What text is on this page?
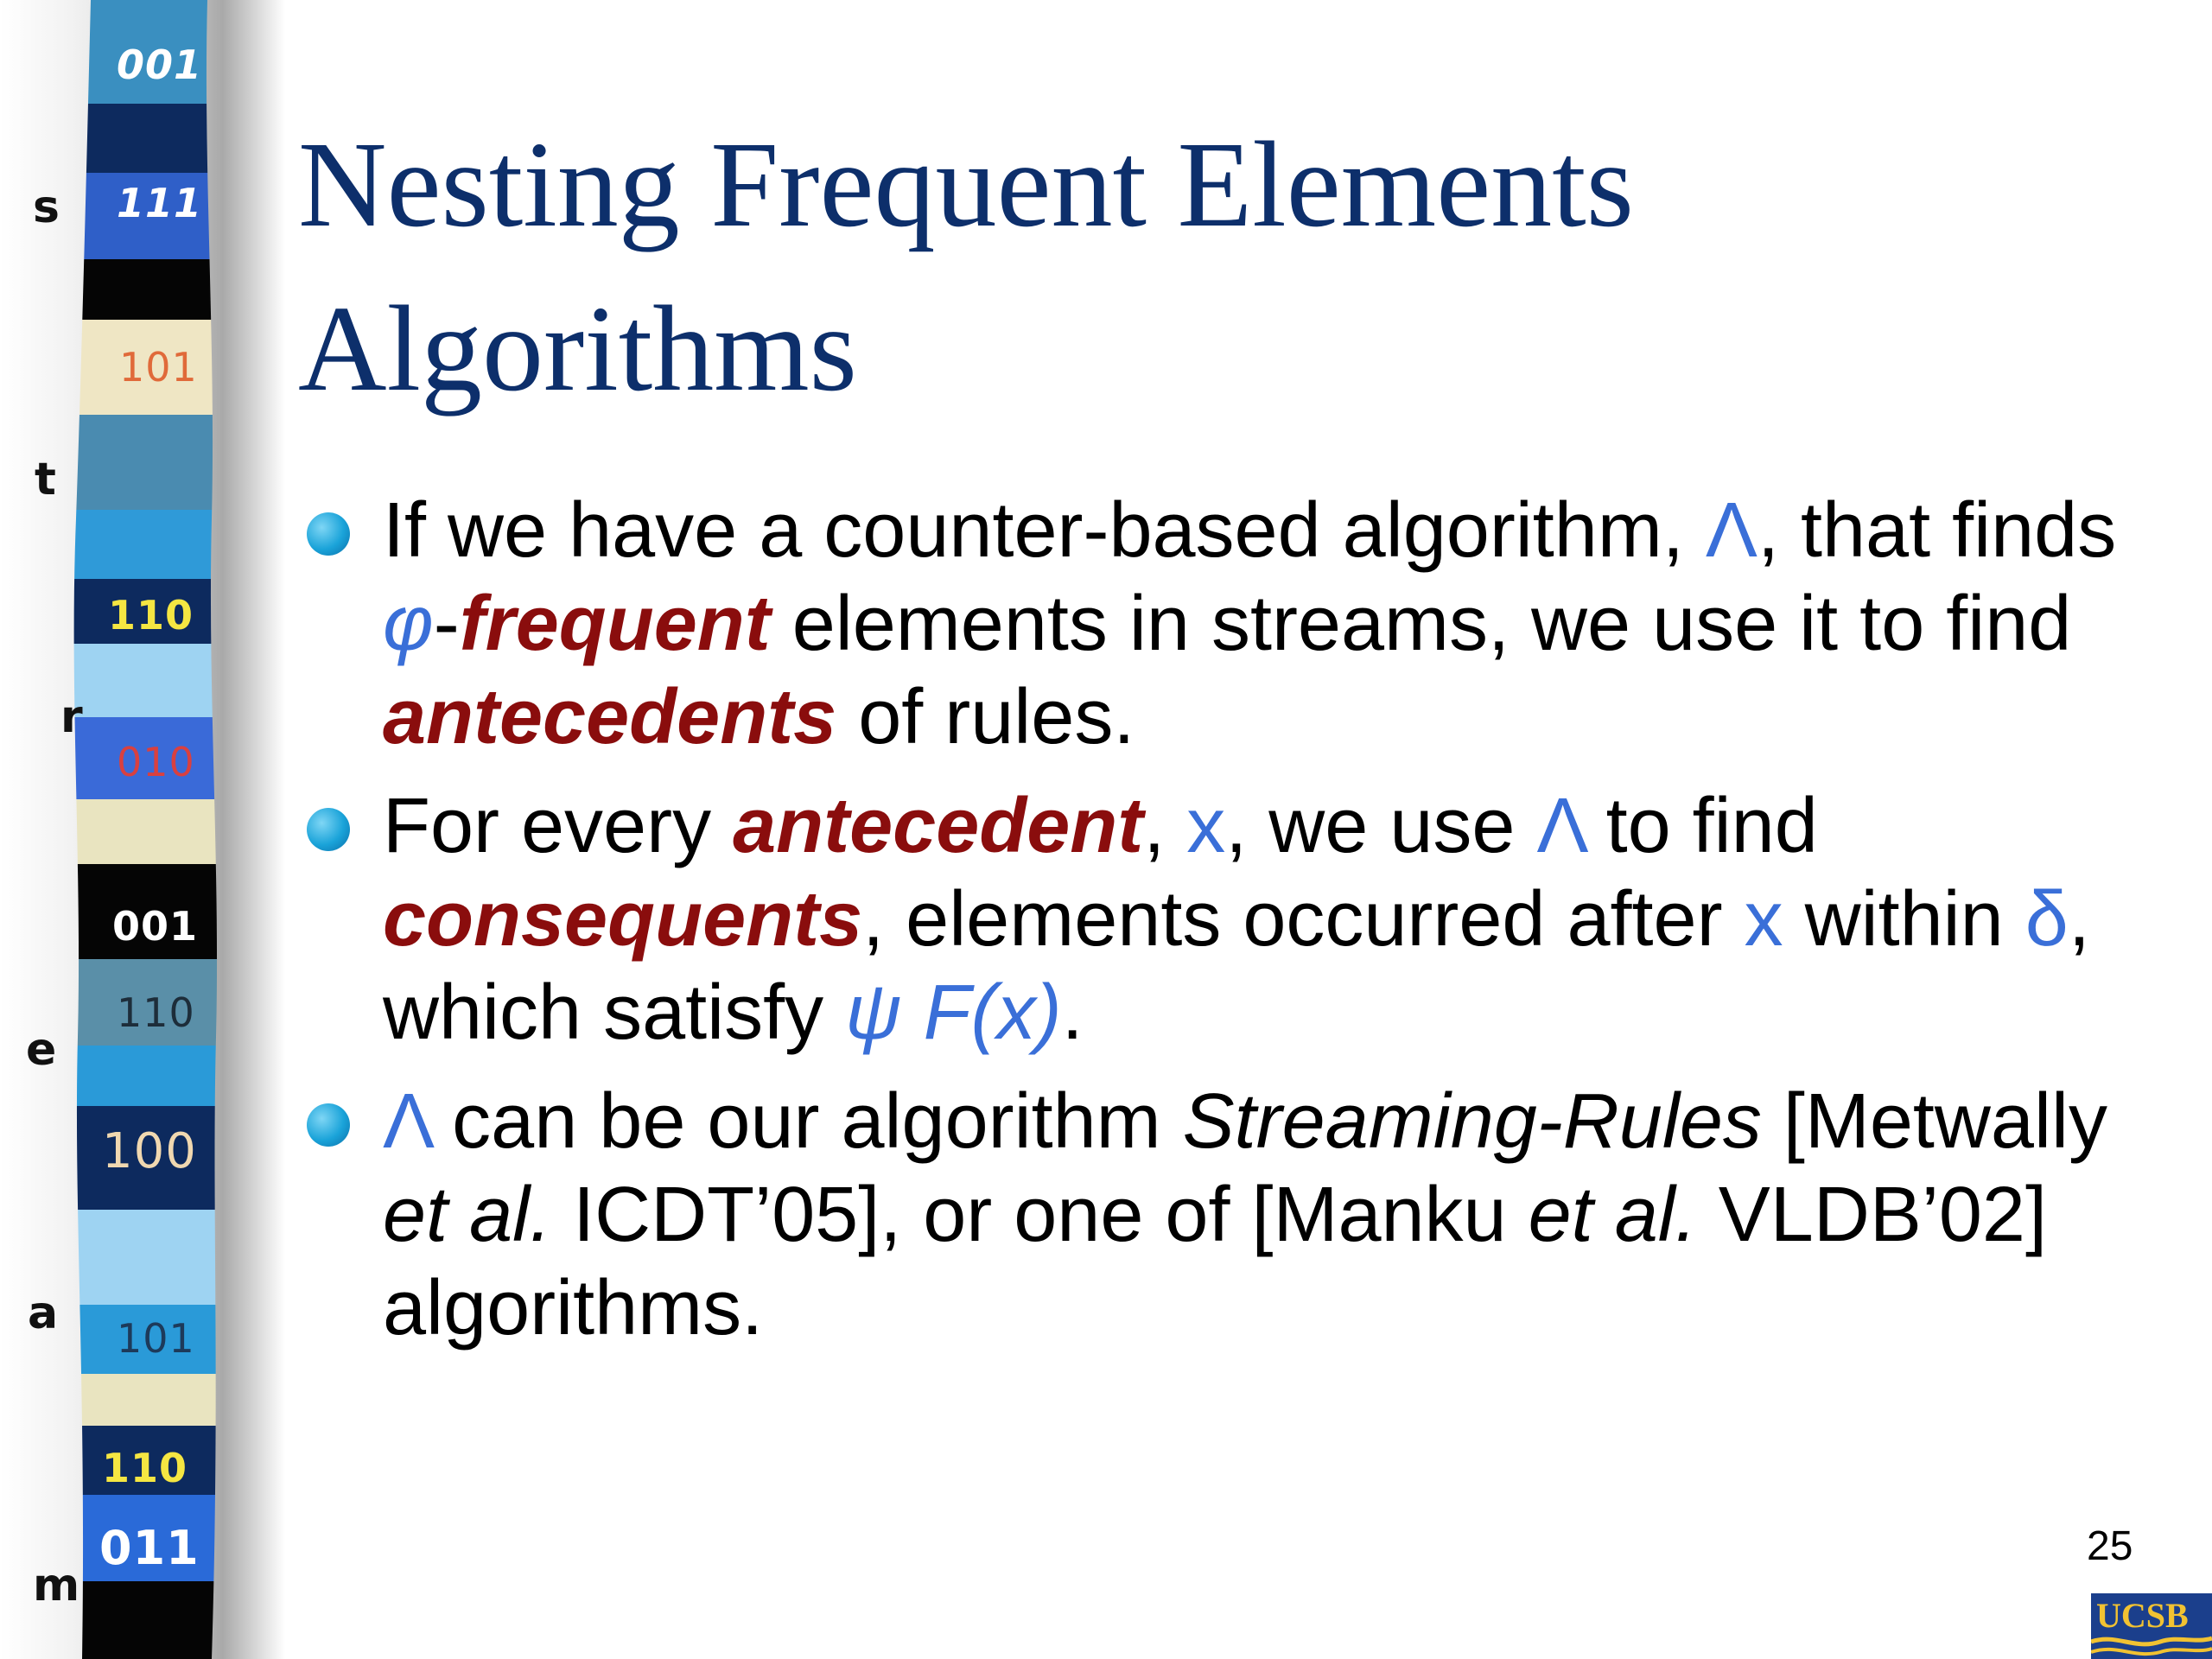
s
t
r
e
a
m
001
111
101
110
010
001
110
100
101
110
011
Nesting Frequent Elements
Algorithms
If we have a counter-based algorithm, Λ, that finds φ-frequent elements in streams, we use it to find antecedents of rules.
For every antecedent, x, we use Λ to find consequents, elements occurred after x within δ, which satisfy ψ F(x).
Λ can be our algorithm Streaming-Rules [Metwally et al. ICDT’05], or one of [Manku et al. VLDB’02] algorithms.
25
UCSB
